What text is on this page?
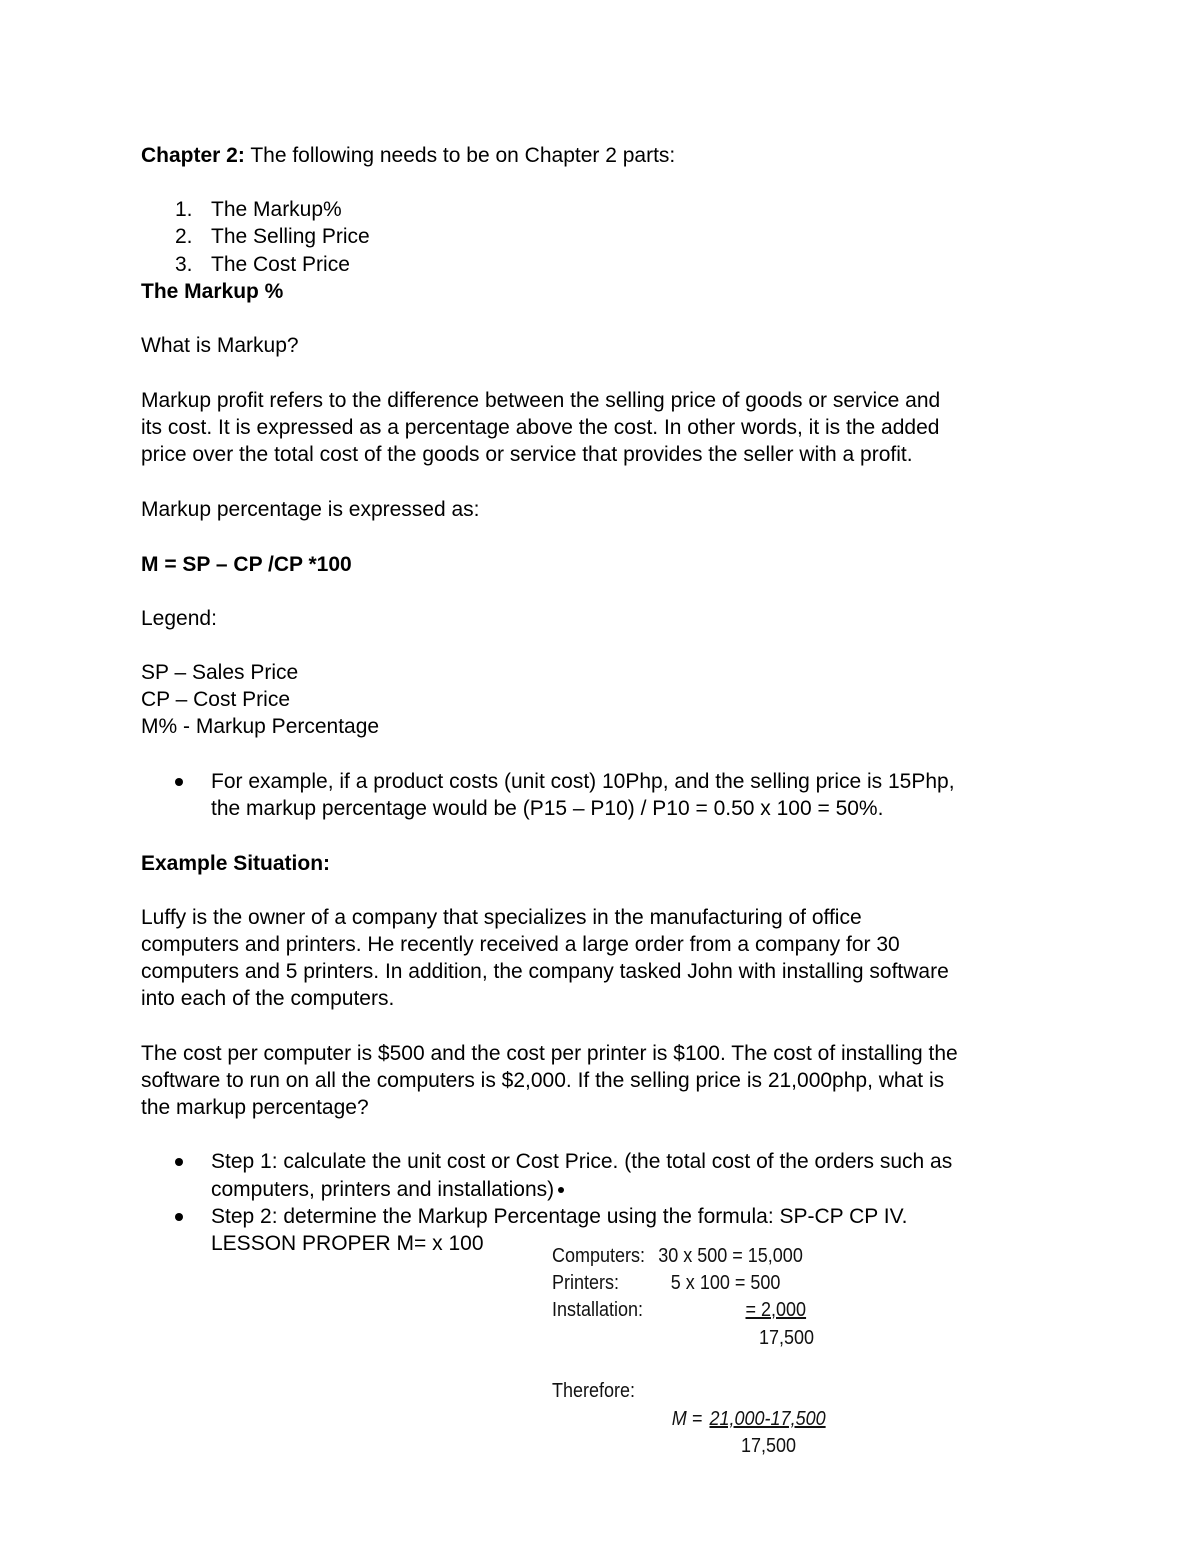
Chapter 2: The following needs to be on Chapter 2 parts:
1. The Markup%
2. The Selling Price
3. The Cost Price
The Markup %
What is Markup?
Markup profit refers to the difference between the selling price of goods or service and
its cost. It is expressed as a percentage above the cost. In other words, it is the added
price over the total cost of the goods or service that provides the seller with a profit.
Markup percentage is expressed as:
M = SP – CP /CP *100
Legend:
SP – Sales Price
CP – Cost Price
M% - Markup Percentage
For example, if a product costs (unit cost) 10Php, and the selling price is 15Php,
the markup percentage would be (P15 – P10) / P10 = 0.50 x 100 = 50%.
Example Situation:
Luffy is the owner of a company that specializes in the manufacturing of office
computers and printers. He recently received a large order from a company for 30
computers and 5 printers. In addition, the company tasked John with installing software
into each of the computers.
The cost per computer is $500 and the cost per printer is $100. The cost of installing the
software to run on all the computers is $2,000. If the selling price is 21,000php, what is
the markup percentage?
Step 1: calculate the unit cost or Cost Price. (the total cost of the orders such as
computers, printers and installations)
Step 2: determine the Markup Percentage using the formula: SP-CP CP IV.
LESSON PROPER M= x 100
Computers: 30 x 500 = 15,000
Printers:	5 x 100 = 500
Installation:	= 2,000
17,500
Therefore:
M = 21,000-17,500
17,500
